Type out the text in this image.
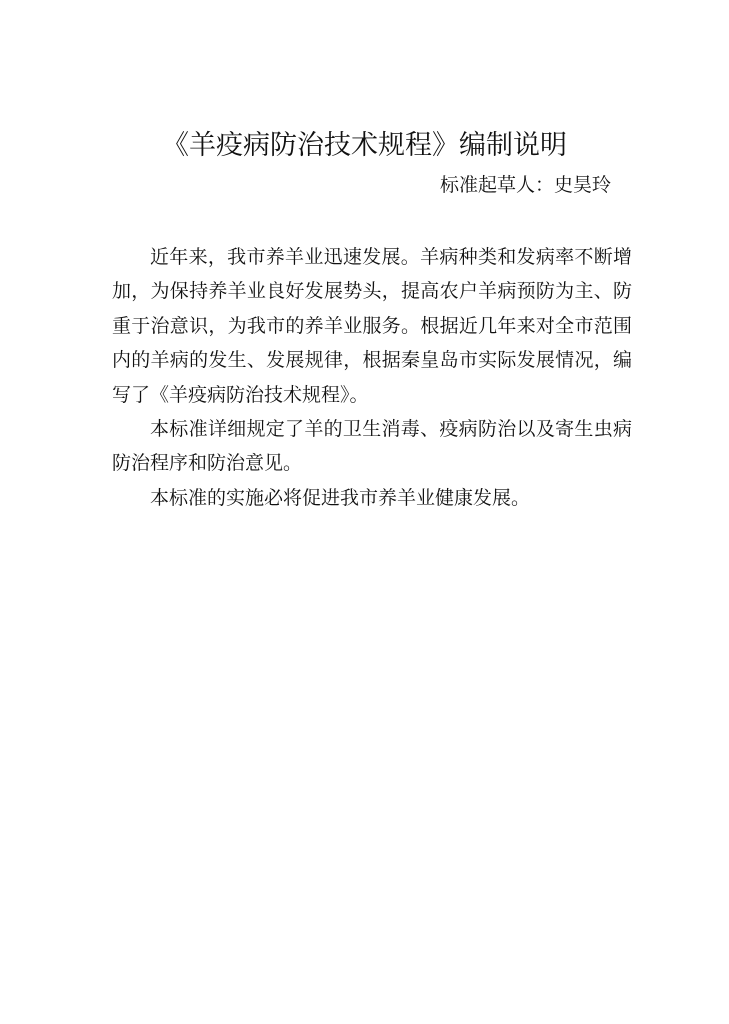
《羊疫病防治技术规程》编制说明
标准起草人：史昊玲

近年来，我市养羊业迅速发展。羊病种类和发病率不断增加，为保持养羊业良好发展势头，提高农户羊病预防为主、防重于治意识，为我市的养羊业服务。根据近几年来对全市范围内的羊病的发生、发展规律，根据秦皇岛市实际发展情况，编写了《羊疫病防治技术规程》。

本标准详细规定了羊的卫生消毒、疫病防治以及寄生虫病防治程序和防治意见。

本标准的实施必将促进我市养羊业健康发展。
